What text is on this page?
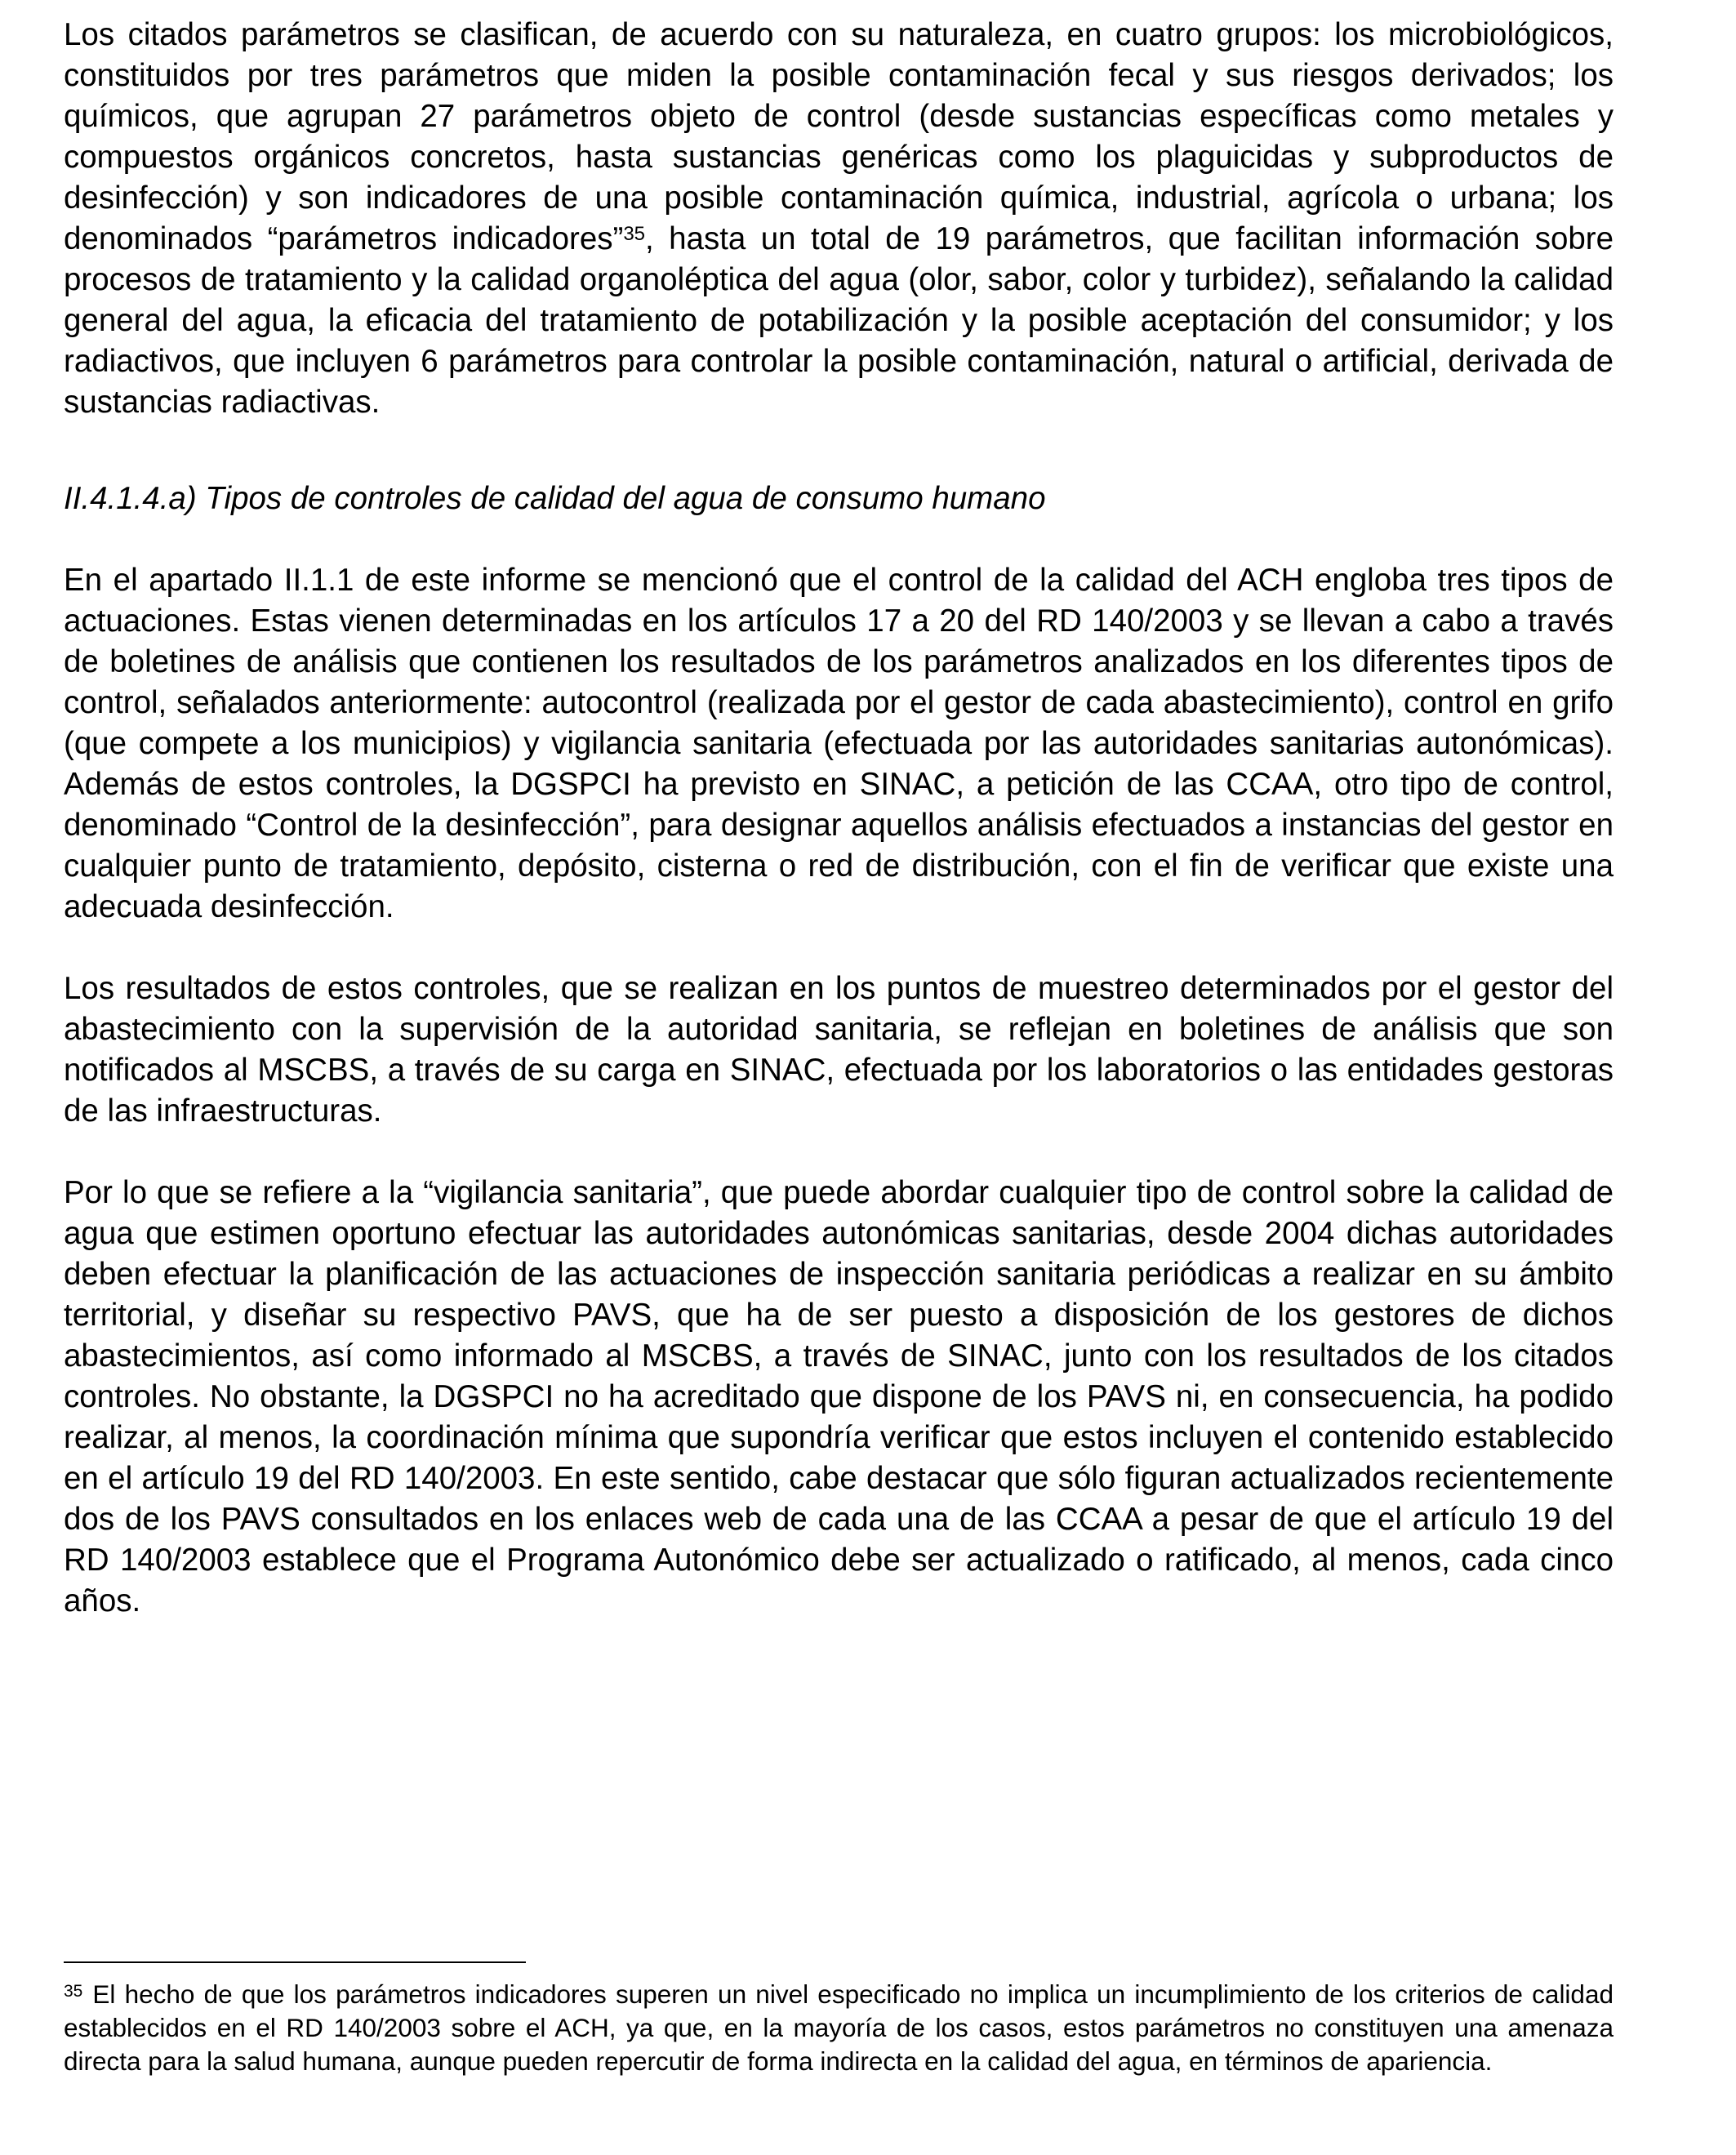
Los citados parámetros se clasifican, de acuerdo con su naturaleza, en cuatro grupos: los microbiológicos, constituidos por tres parámetros que miden la posible contaminación fecal y sus riesgos derivados; los químicos, que agrupan 27 parámetros objeto de control (desde sustancias específicas como metales y compuestos orgánicos concretos, hasta sustancias genéricas como los plaguicidas y subproductos de desinfección) y son indicadores de una posible contaminación química, industrial, agrícola o urbana; los denominados “parámetros indicadores”$^{35}$, hasta un total de 19 parámetros, que facilitan información sobre procesos de tratamiento y la calidad organoléptica del agua (olor, sabor, color y turbidez), señalando la calidad general del agua, la eficacia del tratamiento de potabilización y la posible aceptación del consumidor; y los radiactivos, que incluyen 6 parámetros para controlar la posible contaminación, natural o artificial, derivada de sustancias radiactivas.

II.4.1.4.a) Tipos de controles de calidad del agua de consumo humano

En el apartado II.1.1 de este informe se mencionó que el control de la calidad del ACH engloba tres tipos de actuaciones. Estas vienen determinadas en los artículos 17 a 20 del RD 140/2003 y se llevan a cabo a través de boletines de análisis que contienen los resultados de los parámetros analizados en los diferentes tipos de control, señalados anteriormente: autocontrol (realizada por el gestor de cada abastecimiento), control en grifo (que compete a los municipios) y vigilancia sanitaria (efectuada por las autoridades sanitarias autonómicas). Además de estos controles, la DGSPCI ha previsto en SINAC, a petición de las CCAA, otro tipo de control, denominado “Control de la desinfección”, para designar aquellos análisis efectuados a instancias del gestor en cualquier punto de tratamiento, depósito, cisterna o red de distribución, con el fin de verificar que existe una adecuada desinfección.

Los resultados de estos controles, que se realizan en los puntos de muestreo determinados por el gestor del abastecimiento con la supervisión de la autoridad sanitaria, se reflejan en boletines de análisis que son notificados al MSCBS, a través de su carga en SINAC, efectuada por los laboratorios o las entidades gestoras de las infraestructuras.

Por lo que se refiere a la “vigilancia sanitaria”, que puede abordar cualquier tipo de control sobre la calidad de agua que estimen oportuno efectuar las autoridades autonómicas sanitarias, desde 2004 dichas autoridades deben efectuar la planificación de las actuaciones de inspección sanitaria periódicas a realizar en su ámbito territorial, y diseñar su respectivo PAVS, que ha de ser puesto a disposición de los gestores de dichos abastecimientos, así como informado al MSCBS, a través de SINAC, junto con los resultados de los citados controles. No obstante, la DGSPCI no ha acreditado que dispone de los PAVS ni, en consecuencia, ha podido realizar, al menos, la coordinación mínima que supondría verificar que estos incluyen el contenido establecido en el artículo 19 del RD 140/2003. En este sentido, cabe destacar que sólo figuran actualizados recientemente dos de los PAVS consultados en los enlaces web de cada una de las CCAA a pesar de que el artículo 19 del RD 140/2003 establece que el Programa Autonómico debe ser actualizado o ratificado, al menos, cada cinco años.

$^{35}$ El hecho de que los parámetros indicadores superen un nivel especificado no implica un incumplimiento de los criterios de calidad establecidos en el RD 140/2003 sobre el ACH, ya que, en la mayoría de los casos, estos parámetros no constituyen una amenaza directa para la salud humana, aunque pueden repercutir de forma indirecta en la calidad del agua, en términos de apariencia.
